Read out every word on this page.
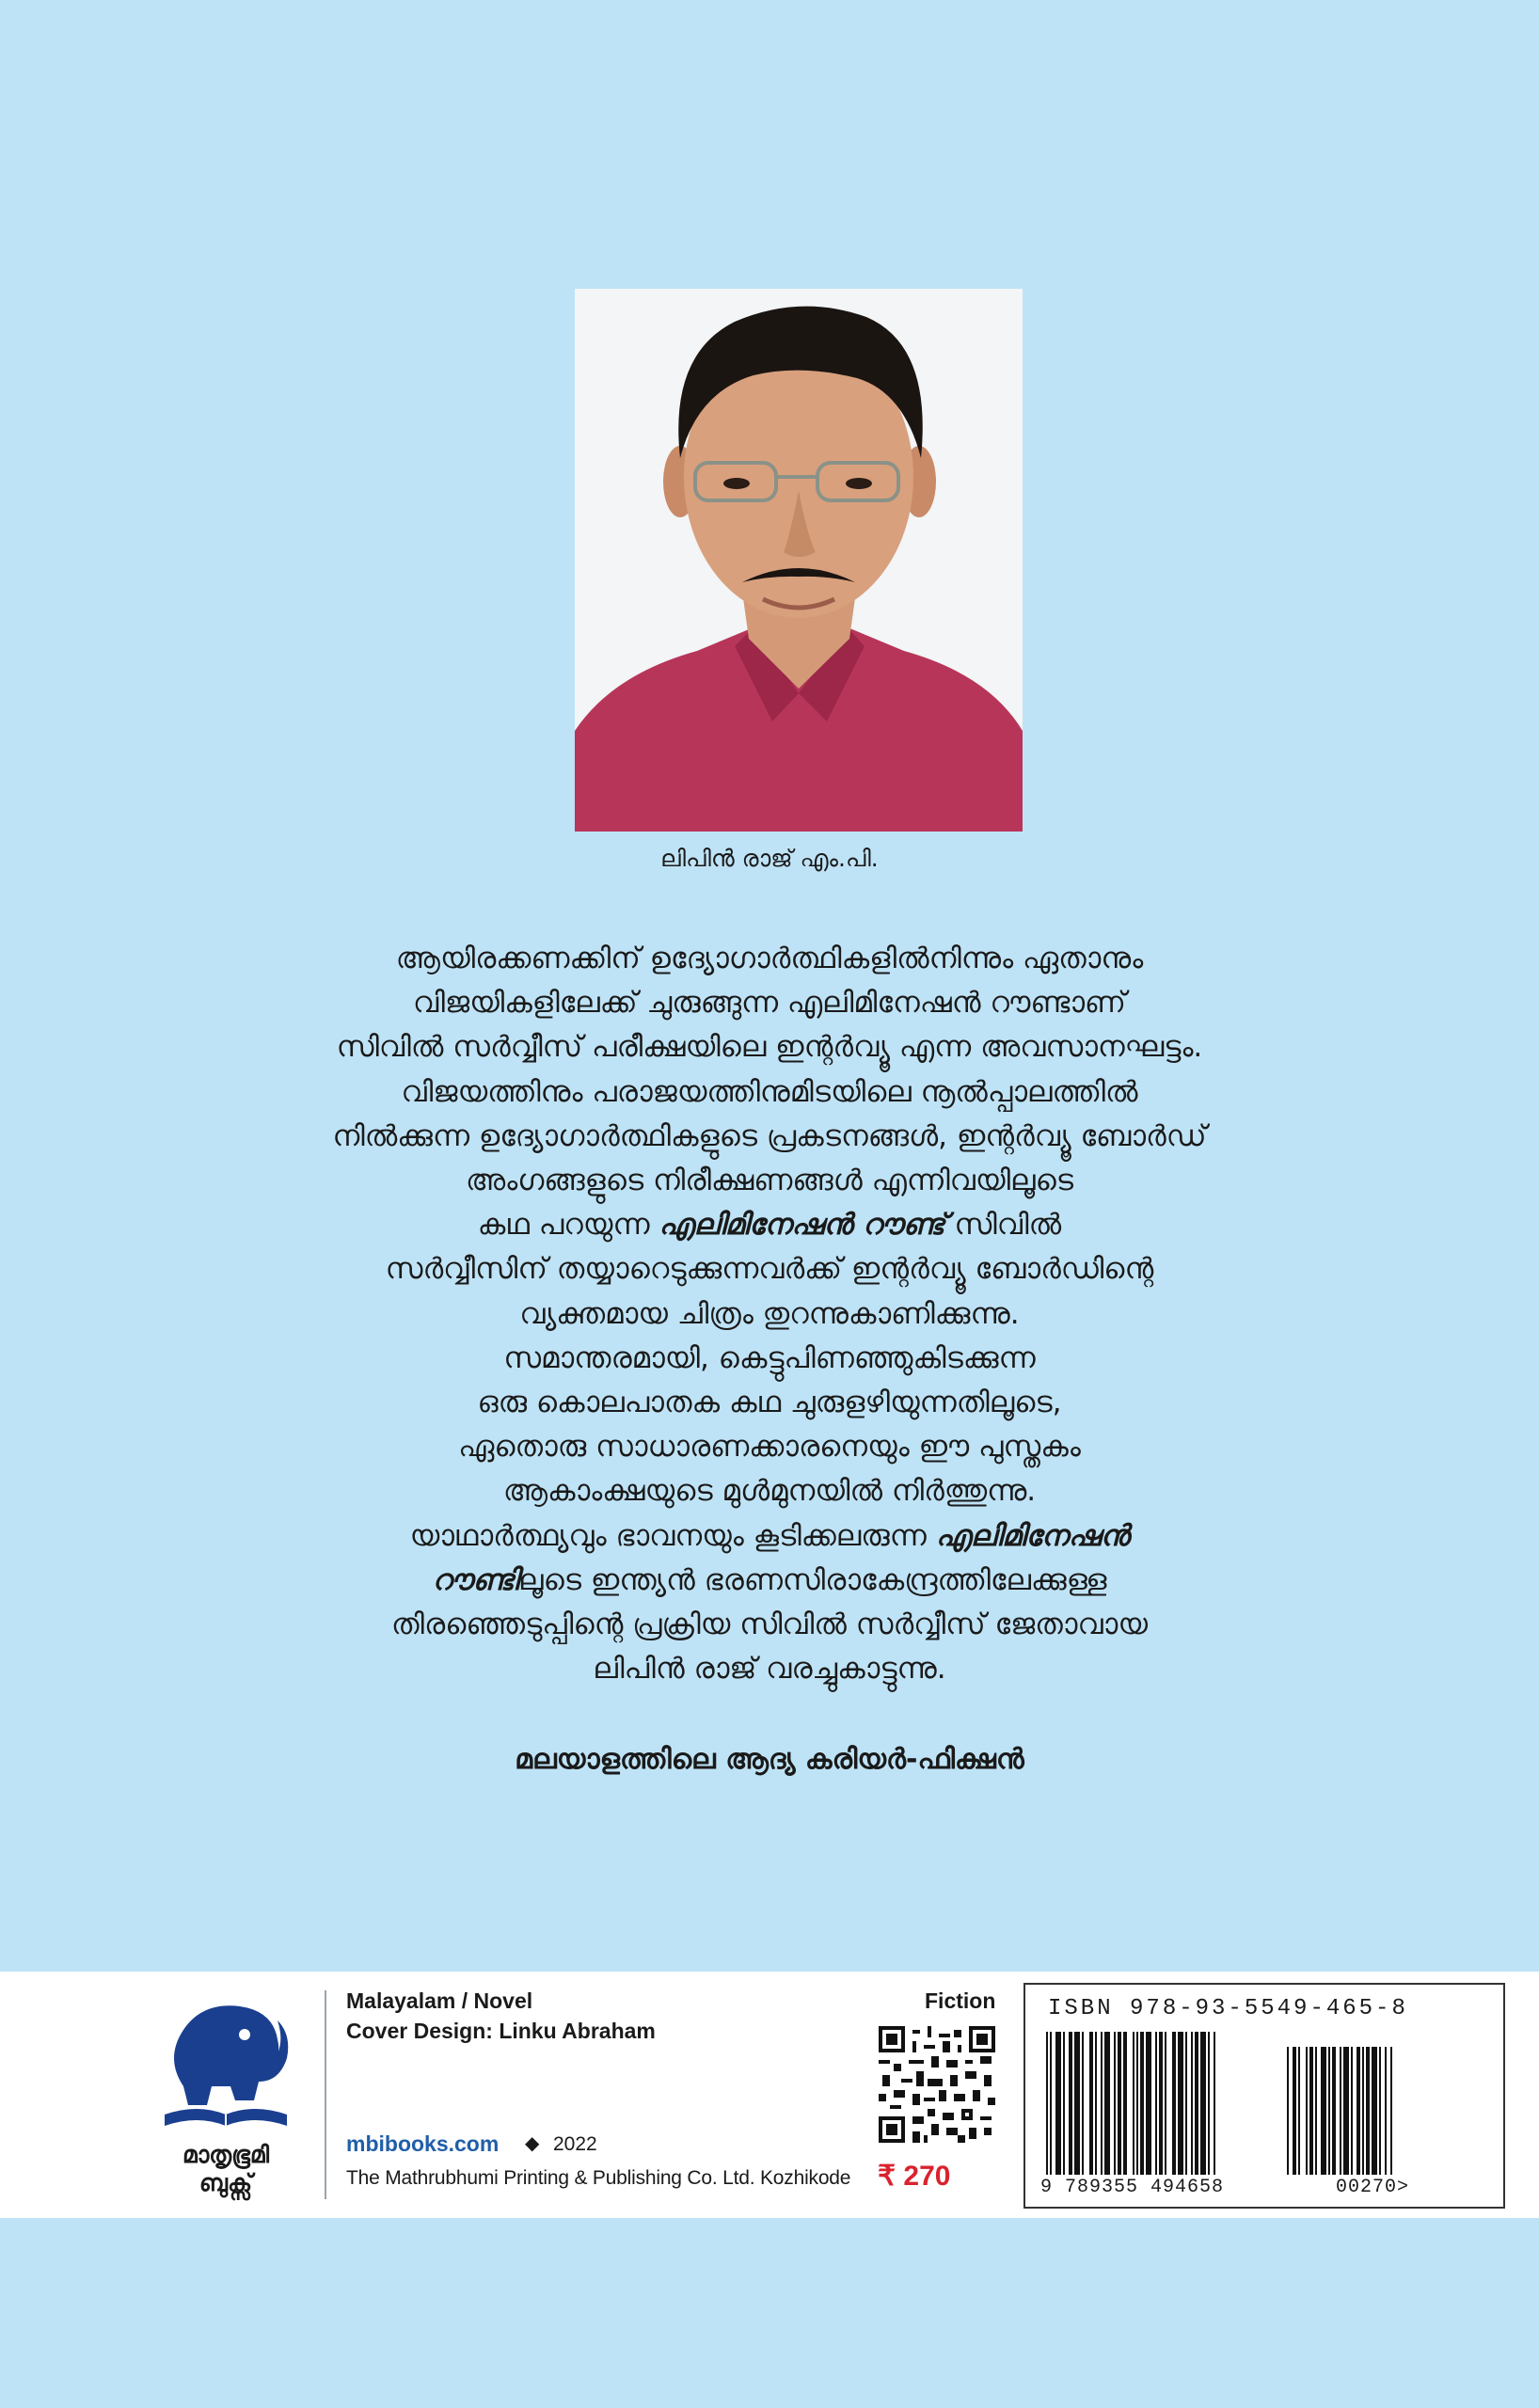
ലിപിൻ രാജ് എം.പി.
ആയിരക്കണക്കിന് ഉദ്യോഗാർത്ഥികളിൽനിന്നും ഏതാനും
വിജയികളിലേക്ക് ചുരുങ്ങുന്ന എലിമിനേഷൻ റൗണ്ടാണ്
സിവിൽ സർവ്വീസ് പരീക്ഷയിലെ ഇന്റർവ്യൂ എന്ന അവസാനഘട്ടം.
വിജയത്തിനും പരാജയത്തിനുമിടയിലെ നൂൽപ്പാലത്തിൽ
നിൽക്കുന്ന ഉദ്യോഗാർത്ഥികളുടെ പ്രകടനങ്ങൾ, ഇന്റർവ്യൂ ബോർഡ്
അംഗങ്ങളുടെ നിരീക്ഷണങ്ങൾ എന്നിവയിലൂടെ
കഥ പറയുന്ന എലിമിനേഷൻ റൗണ്ട് സിവിൽ
സർവ്വീസിന് തയ്യാറെടുക്കുന്നവർക്ക് ഇന്റർവ്യൂ ബോർഡിന്റെ
വ്യക്തമായ ചിത്രം തുറന്നുകാണിക്കുന്നു.
സമാന്തരമായി, കെട്ടുപിണഞ്ഞുകിടക്കുന്ന
ഒരു കൊലപാതക കഥ ചുരുളഴിയുന്നതിലൂടെ,
ഏതൊരു സാധാരണക്കാരനെയും ഈ പുസ്തകം
ആകാംക്ഷയുടെ മുൾമുനയിൽ നിർത്തുന്നു.
യാഥാർത്ഥ്യവും ഭാവനയും കൂടിക്കലരുന്ന എലിമിനേഷൻ
റൗണ്ടിലൂടെ ഇന്ത്യൻ ഭരണസിരാകേന്ദ്രത്തിലേക്കുള്ള
തിരഞ്ഞെടുപ്പിന്റെ പ്രക്രിയ സിവിൽ സർവ്വീസ് ജേതാവായ
ലിപിൻ രാജ് വരച്ചുകാട്ടുന്നു.
മലയാളത്തിലെ ആദ്യ കരിയർ-ഫിക്ഷൻ
മാതൃഭൂമി
ബുക്സ്
Malayalam / Novel
Cover Design: Linku Abraham
mbibooks.com ◆ 2022
The Mathrubhumi Printing & Publishing Co. Ltd. Kozhikode
Fiction
₹ 270
ISBN 978-93-5549-465-8
9 789355 494658	00270>
